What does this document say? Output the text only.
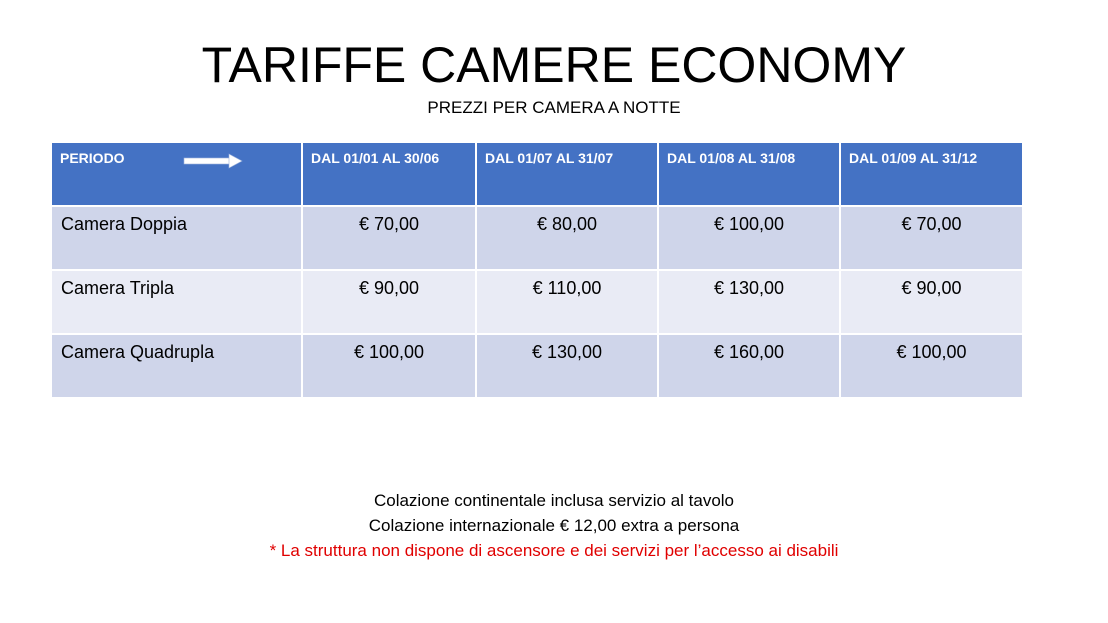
TARIFFE CAMERE ECONOMY
PREZZI PER CAMERA A NOTTE
PERIODO	DAL 01/01 AL 30/06	DAL 01/07 AL 31/07	DAL 01/08 AL 31/08	DAL 01/09 AL 31/12

Camera Doppia	€ 70,00	€ 80,00	€ 100,00	€ 70,00

Camera Tripla	€ 90,00	€ 110,00	€ 130,00	€ 90,00

Camera Quadrupla	€ 100,00	€ 130,00	€ 160,00	€ 100,00
Colazione continentale inclusa servizio al tavolo
Colazione internazionale € 12,00 extra a persona
* La struttura non dispone di ascensore e dei servizi per l’accesso ai disabili
